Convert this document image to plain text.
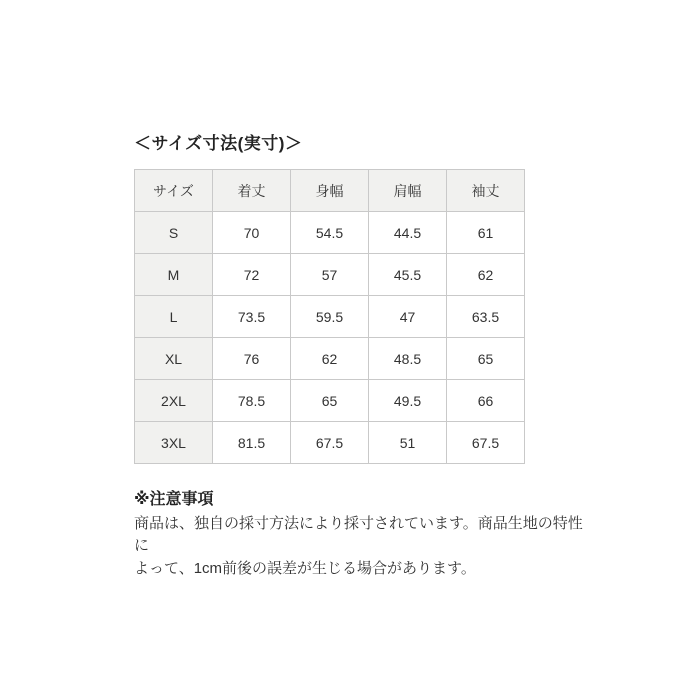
＜サイズ寸法(実寸)＞
サイズ	着丈	身幅	肩幅	袖丈
S	70	54.5	44.5	61
M	72	57	45.5	62
L	73.5	59.5	47	63.5
XL	76	62	48.5	65
2XL	78.5	65	49.5	66
3XL	81.5	67.5	51	67.5
※注意事項

商品は、独自の採寸方法により採寸されています。商品生地の特性に
よって、1cm前後の誤差が生じる場合があります。
